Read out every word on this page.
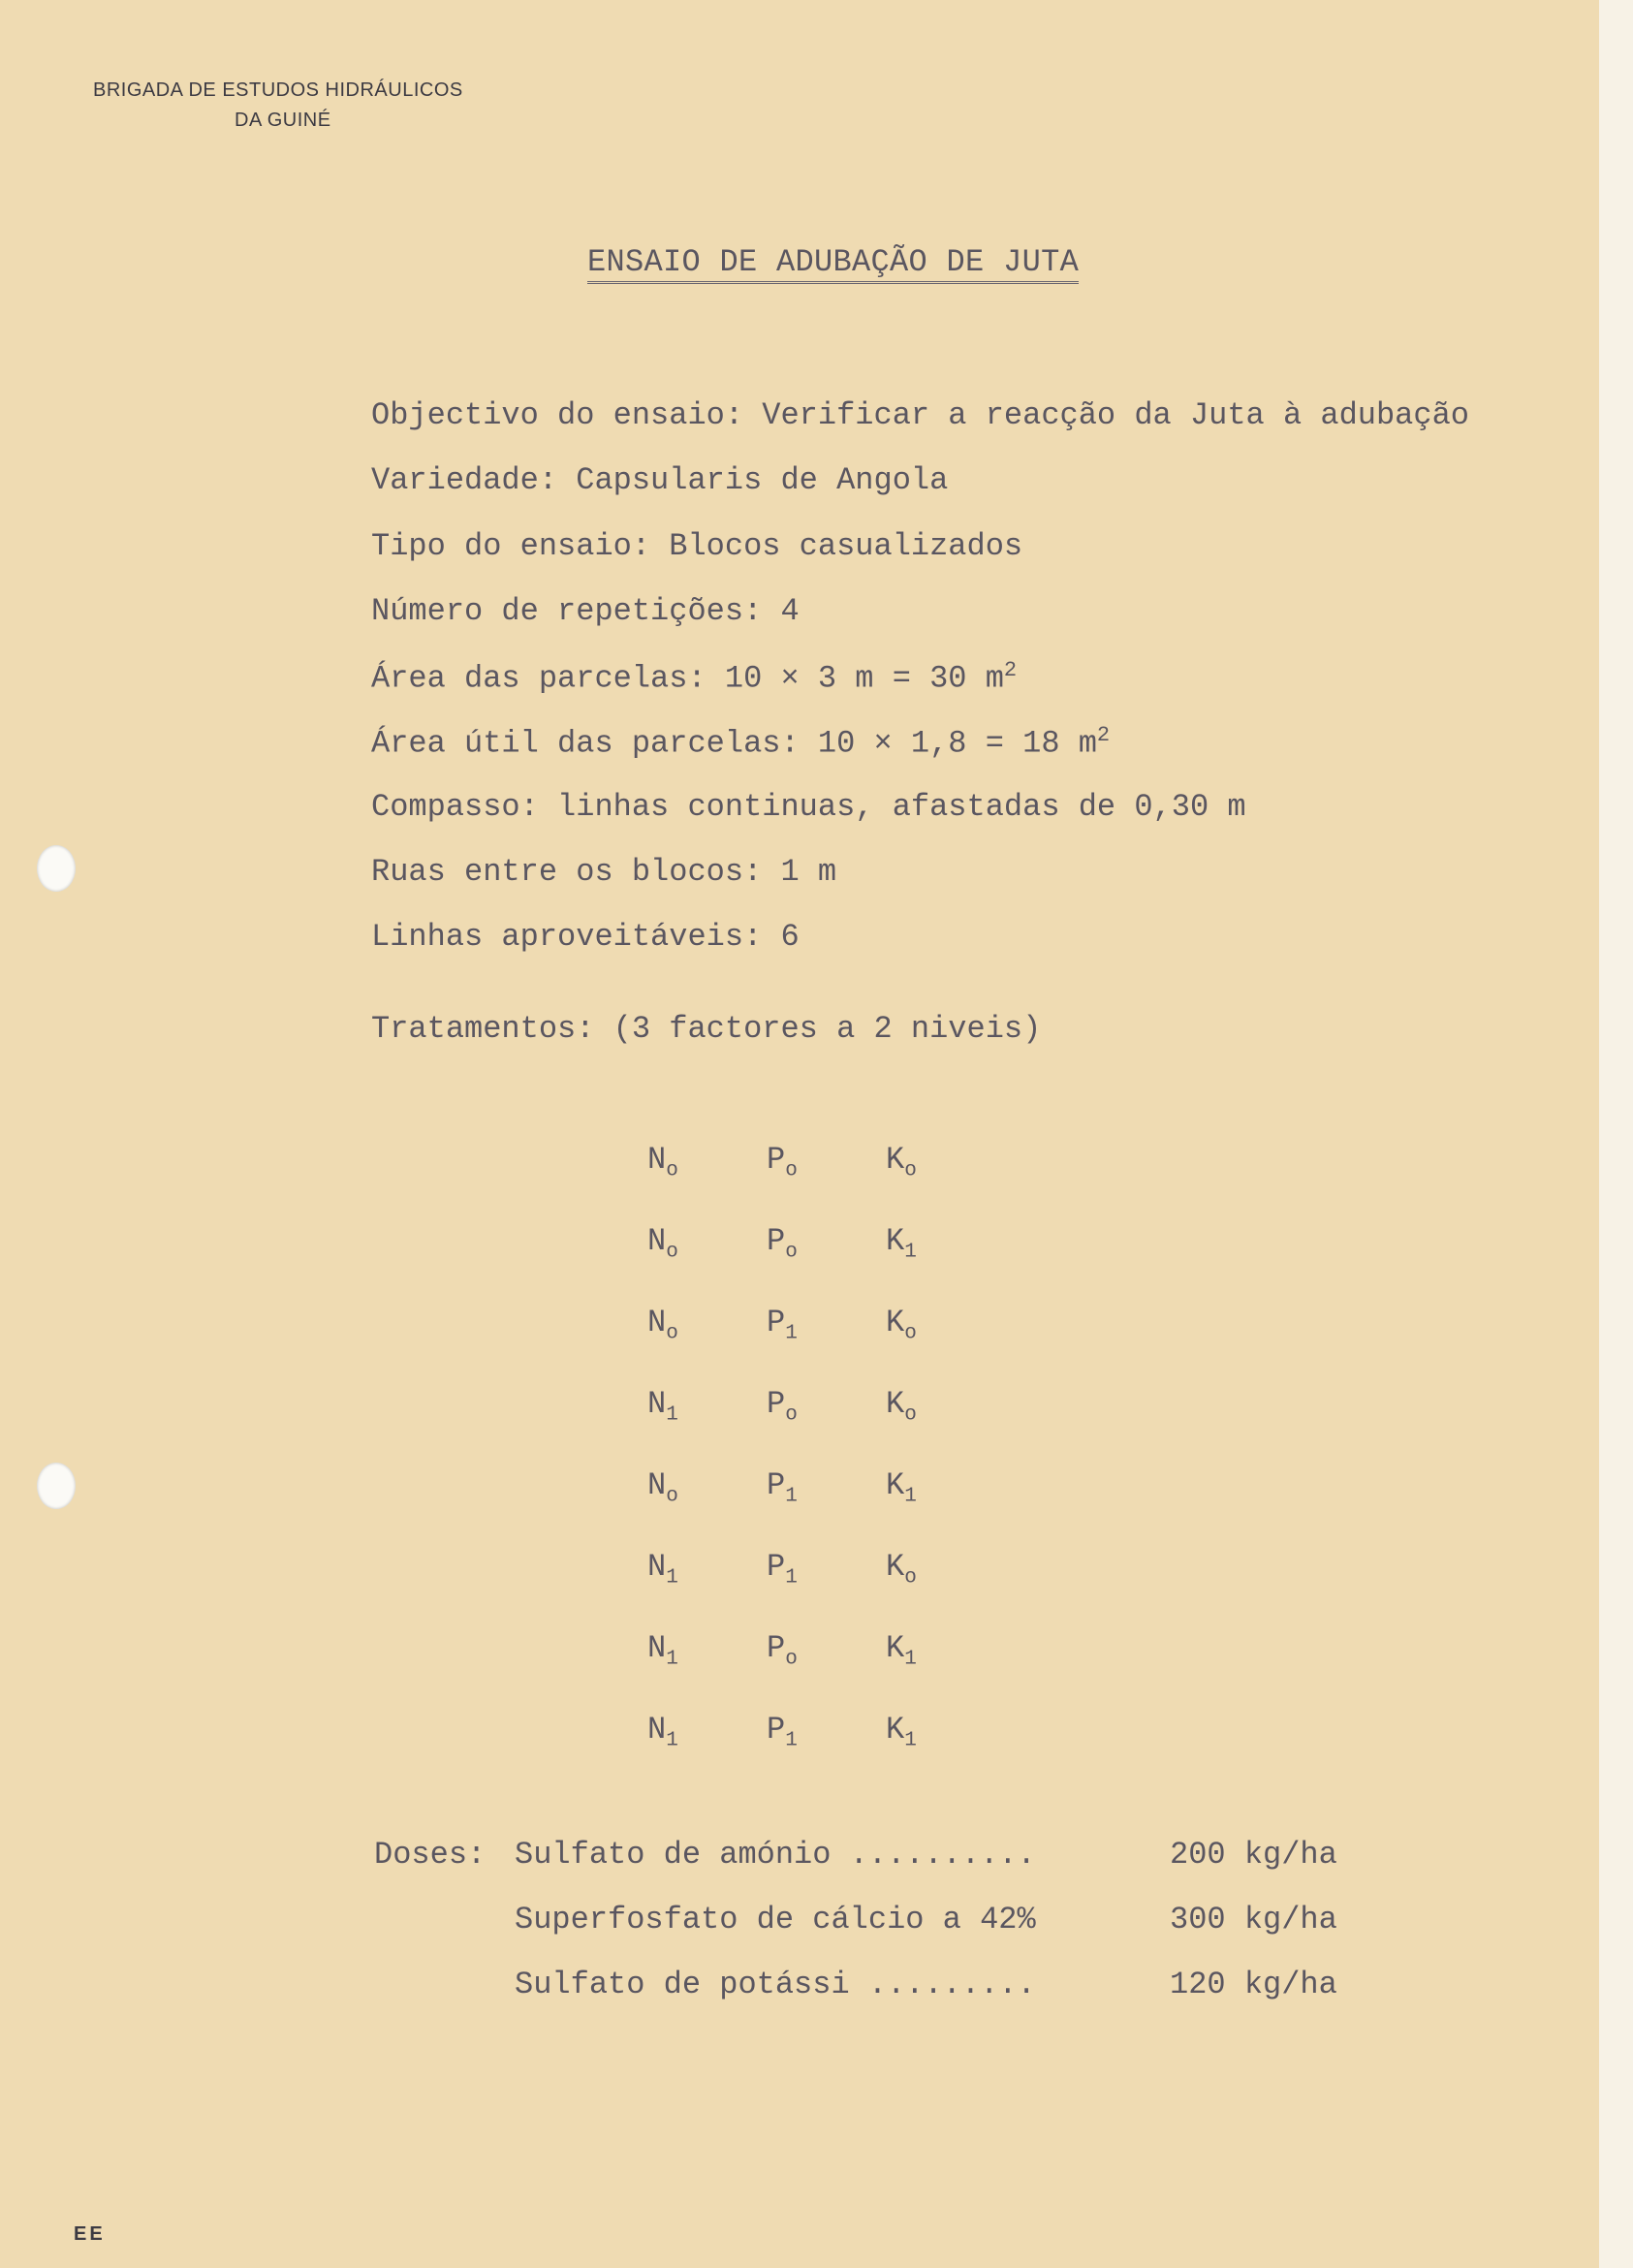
BRIGADA DE ESTUDOS HIDRÁULICOS
DA GUINÉ
ENSAIO DE ADUBAÇÃO DE JUTA
Objectivo do ensaio: Verificar a reacção da Juta à adubação
Variedade: Capsularis de Angola
Tipo do ensaio: Blocos casualizados
Número de repetições: 4
Área das parcelas: 10 × 3 m = 30 $m^2$
Área útil das parcelas: 10 × 1,8 = 18 $m^2$
Compasso: linhas continuas, afastadas de 0,30 m
Ruas entre os blocos: 1 m
Linhas aproveitáveis: 6
Tratamentos: (3 factores a 2 niveis)
$N_o$	$P_o$	$K_o$
$N_o$	$P_o$	$K_1$
$N_o$	$P_1$	$K_o$
$N_1$	$P_o$	$K_o$
$N_o$	$P_1$	$K_1$
$N_1$	$P_1$	$K_o$
$N_1$	$P_o$	$K_1$
$N_1$	$P_1$	$K_1$
Doses: Sulfato de amónio ..........	200 kg/ha
Superfosfato de cálcio a 42%	300 kg/ha
Sulfato de potássi .........	120 kg/ha
EE
